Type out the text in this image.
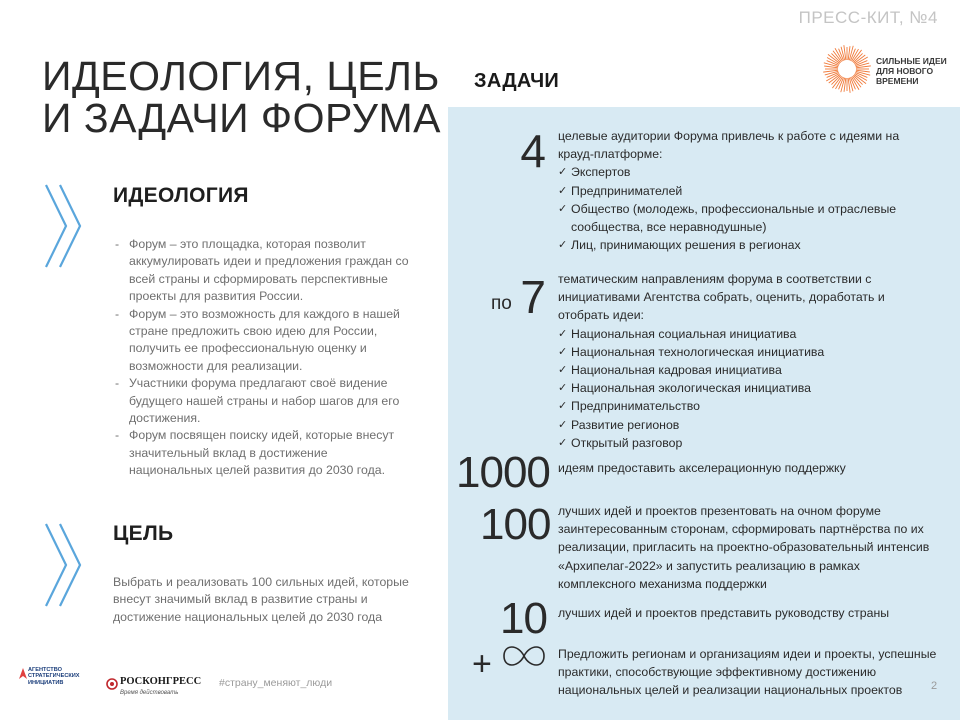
ПРЕСС-КИТ, №4
ИДЕОЛОГИЯ, ЦЕЛЬ
И ЗАДАЧИ ФОРУМА
ИДЕОЛОГИЯ
- Форум – это площадка, которая позволит аккумулировать идеи и предложения граждан со всей страны и сформировать перспективные проекты для развития России.
- Форум – это возможность для каждого в нашей стране предложить свою идею для России, получить ее профессиональную оценку и возможности для реализации.
- Участники форума предлагают своё видение будущего нашей страны и набор шагов для его достижения.
- Форум посвящен поиску идей, которые внесут значительный вклад в достижение национальных целей развития до 2030 года.
ЦЕЛЬ
Выбрать и реализовать 100 сильных идей, которые внесут значимый вклад в развитие страны и достижение национальных целей до 2030 года
ЗАДАЧИ
СИЛЬНЫЕ ИДЕИ
ДЛЯ НОВОГО
ВРЕМЕНИ
4 целевые аудитории Форума привлечь к работе с идеями на крауд-платформе:
✓ Экспертов
✓ Предпринимателей
✓ Общество (молодежь, профессиональные и отраслевые сообщества, все неравнодушные)
✓ Лиц, принимающих решения в регионах
по 7 тематическим направлениям форума в соответствии с инициативами Агентства собрать, оценить, доработать и отобрать идеи:
✓ Национальная социальная инициатива
✓ Национальная технологическая инициатива
✓ Национальная кадровая инициатива
✓ Национальная экологическая инициатива
✓ Предпринимательство
✓ Развитие регионов
✓ Открытый разговор
1000 идеям предоставить акселерационную поддержку
100 лучших идей и проектов презентовать на очном форуме заинтересованным сторонам, сформировать партнёрства по их реализации, пригласить на проектно-образовательный интенсив «Архипелаг-2022» и запустить реализацию в рамках комплексного механизма поддержки
10 лучших идей и проектов представить руководству страны
+	Предложить регионам и организациям идеи и проекты, успешные практики, способствующие эффективному достижению национальных целей и реализации национальных проектов	2
АГЕНТСТВО
СТРАТЕГИЧЕСКИХ
ИНИЦИАТИВ	РОСКОНГРЕСС
Время действовать
#страну_меняют_люди
